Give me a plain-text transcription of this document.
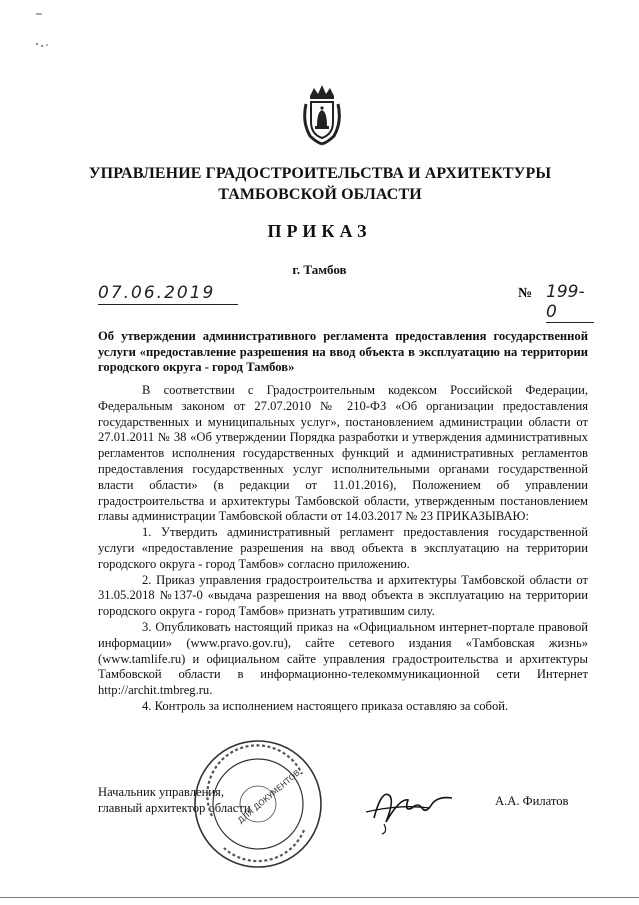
УПРАВЛЕНИЕ ГРАДОСТРОИТЕЛЬСТВА И АРХИТЕКТУРЫ
ТАМБОВСКОЙ ОБЛАСТИ
ПРИКАЗ
г. Тамбов
07.06.2019	№ 199-0
Об утверждении административного регламента предоставления государственной услуги «предоставление разрешения на ввод объекта в эксплуатацию на территории городского округа - город Тамбов»

В соответствии с Градостроительным кодексом Российской Федерации, Федеральным законом от 27.07.2010 № 210-ФЗ «Об организации предоставления государственных и муниципальных услуг», постановлением администрации области от 27.01.2011 № 38 «Об утверждении Порядка разработки и утверждения административных регламентов исполнения государственных функций и административных регламентов предоставления государственных услуг исполнительными органами государственной власти области» (в редакции от 11.01.2016), Положением об управлении градостроительства и архитектуры Тамбовской области, утвержденным постановлением главы администрации Тамбовской области от 14.03.2017 № 23 ПРИКАЗЫВАЮ:

1. Утвердить административный регламент предоставления государственной услуги «предоставление разрешения на ввод объекта в эксплуатацию на территории городского округа - город Тамбов» согласно приложению.

2. Приказ управления градостроительства и архитектуры Тамбовской области от 31.05.2018 №137-0 «выдача разрешения на ввод объекта в эксплуатацию на территории городского округа - город Тамбов» признать утратившим силу.

3. Опубликовать настоящий приказ на «Официальном интернет-портале правовой информации» (www.pravo.gov.ru), сайте сетевого издания «Тамбовская жизнь» (www.tamlife.ru) и официальном сайте управления градостроительства и архитектуры Тамбовской области в информационно-телекоммуникационной сети Интернет http://archit.tmbreg.ru.

4. Контроль за исполнением настоящего приказа оставляю за собой.

Начальник управления,
главный архитектор области	А.А. Филатов
ДЛЯ ДОКУМЕНТОВ
